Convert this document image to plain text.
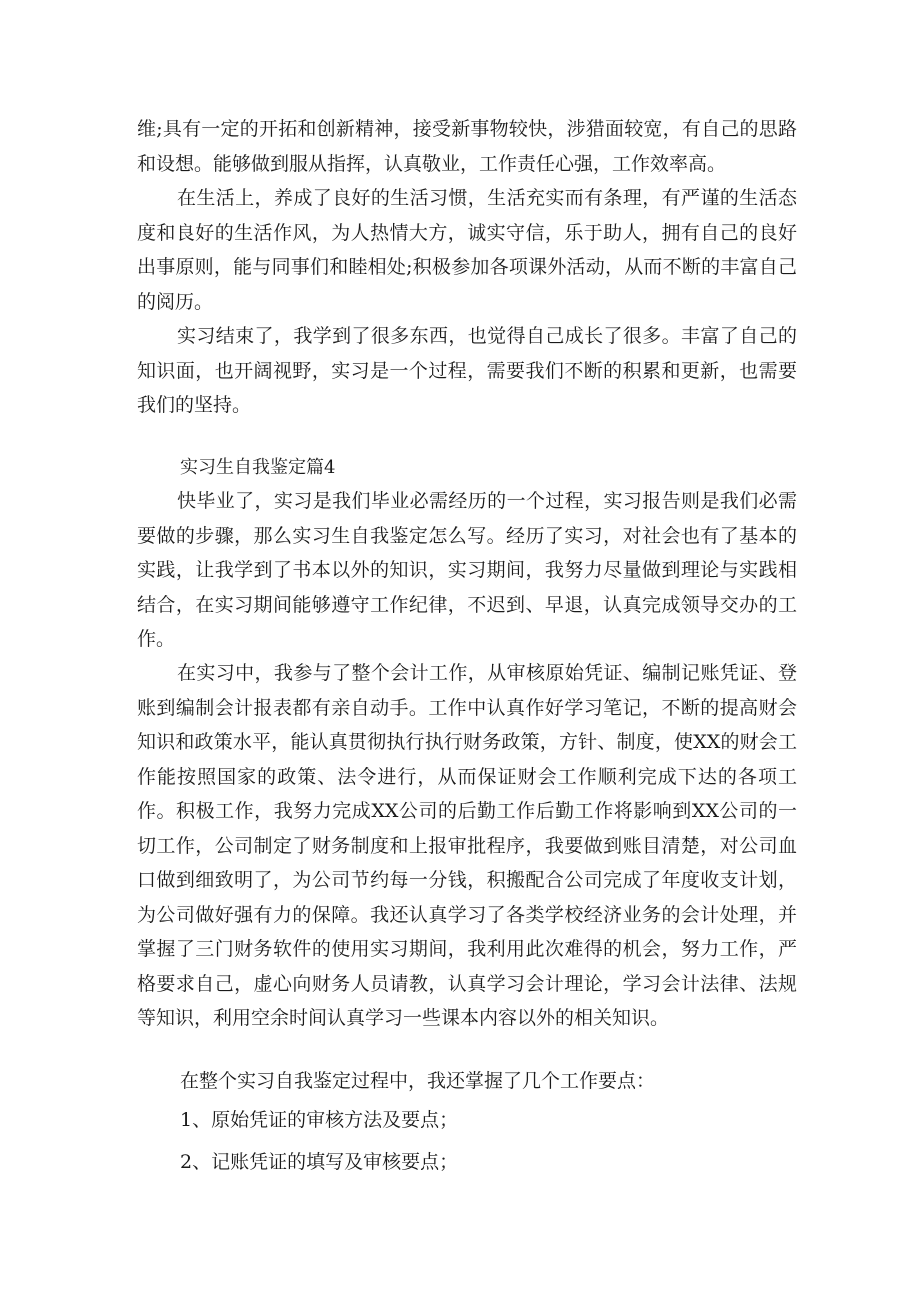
维;具有一定的开拓和创新精神，接受新事物较快，涉猎面较宽，有自己的思路和设想。能够做到服从指挥，认真敬业，工作责任心强，工作效率高。

在生活上，养成了良好的生活习惯，生活充实而有条理，有严谨的生活态度和良好的生活作风，为人热情大方，诚实守信，乐于助人，拥有自己的良好出事原则，能与同事们和睦相处;积极参加各项课外活动，从而不断的丰富自己的阅历。

实习结束了，我学到了很多东西，也觉得自己成长了很多。丰富了自己的知识面，也开阔视野，实习是一个过程，需要我们不断的积累和更新，也需要我们的坚持。

实习生自我鉴定篇4

快毕业了，实习是我们毕业必需经历的一个过程，实习报告则是我们必需要做的步骤，那么实习生自我鉴定怎么写。经历了实习，对社会也有了基本的实践，让我学到了书本以外的知识，实习期间，我努力尽量做到理论与实践相结合，在实习期间能够遵守工作纪律，不迟到、早退，认真完成领导交办的工作。

在实习中，我参与了整个会计工作，从审核原始凭证、编制记账凭证、登账到编制会计报表都有亲自动手。工作中认真作好学习笔记，不断的提高财会知识和政策水平，能认真贯彻执行执行财务政策，方针、制度，使XX的财会工作能按照国家的政策、法令进行，从而保证财会工作顺利完成下达的各项工作。积极工作，我努力完成XX公司的后勤工作后勤工作将影响到XX公司的一切工作，公司制定了财务制度和上报审批程序，我要做到账目清楚，对公司血口做到细致明了，为公司节约每一分钱，积搬配合公司完成了年度收支计划，为公司做好强有力的保障。我还认真学习了各类学校经济业务的会计处理，并掌握了三门财务软件的使用实习期间，我利用此次难得的机会，努力工作，严格要求自己，虚心向财务人员请教，认真学习会计理论，学习会计法律、法规等知识，利用空余时间认真学习一些课本内容以外的相关知识。

在整个实习自我鉴定过程中，我还掌握了几个工作要点：

1、原始凭证的审核方法及要点；

2、记账凭证的填写及审核要点；
